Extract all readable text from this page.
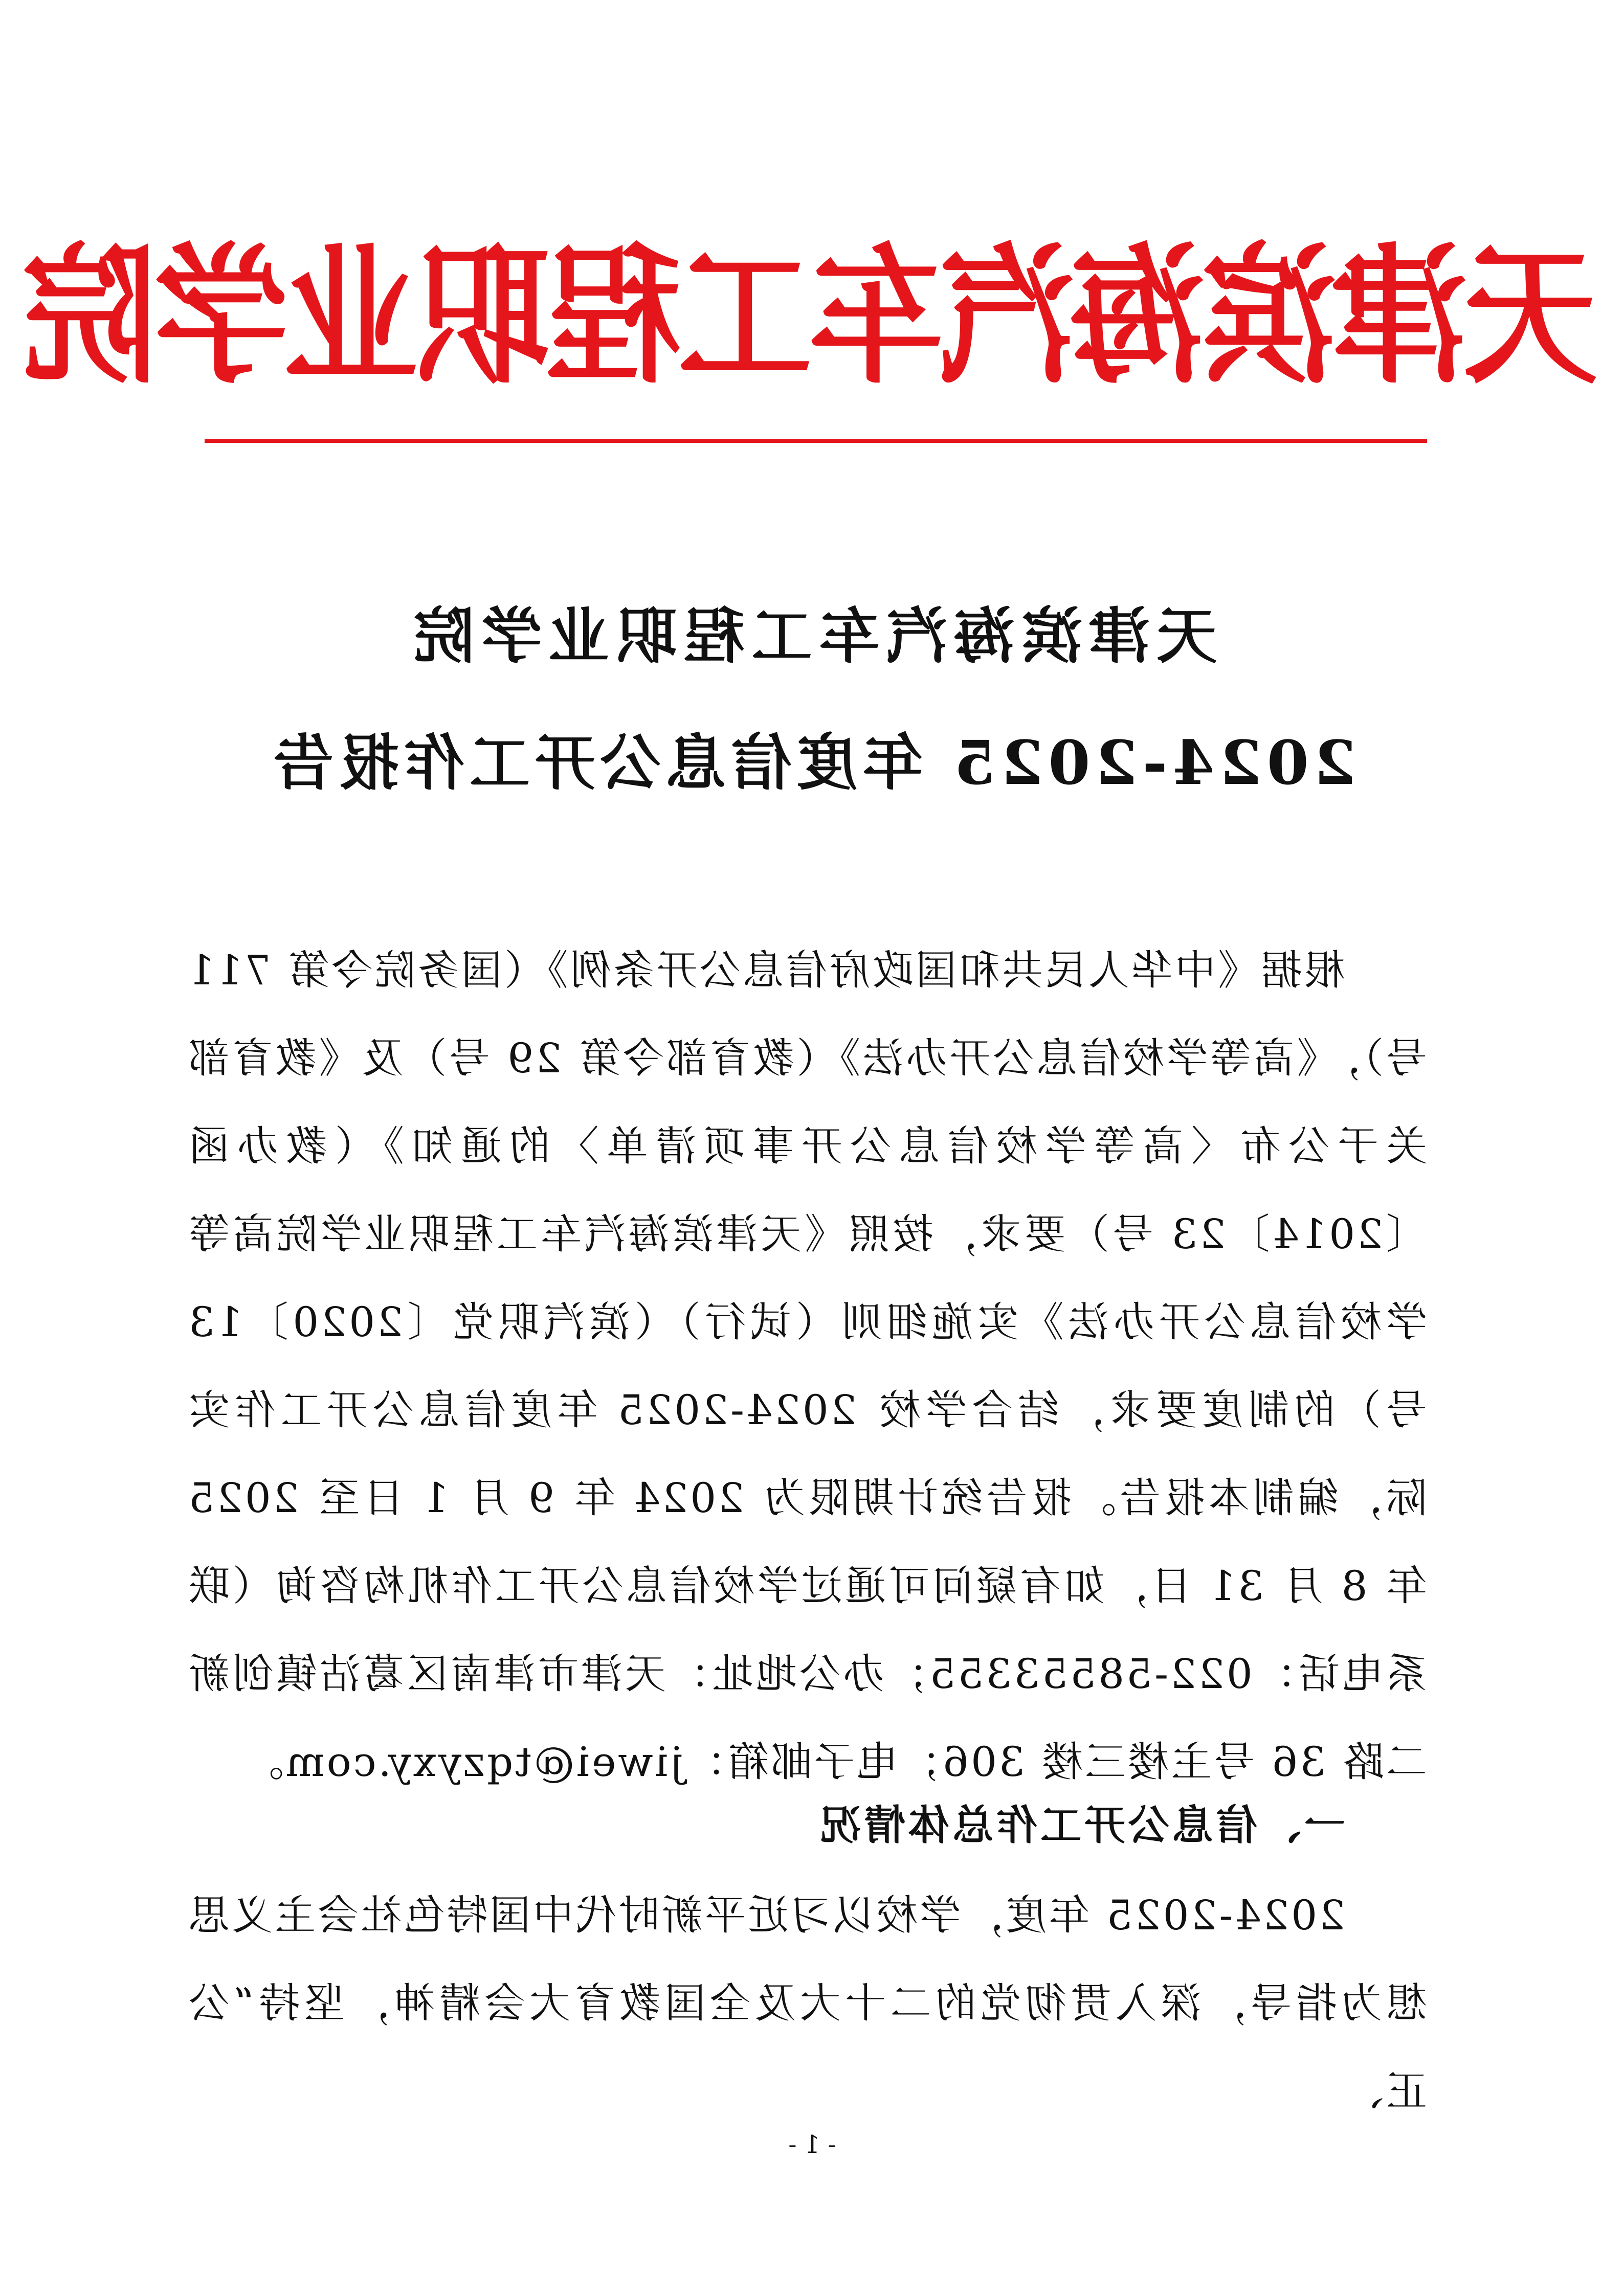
天津滨海汽车工程职业学院
天津滨海汽车工程职业学院
2024-2025 年度信息公开工作报告
根据《中华人民共和国政府信息公开条例》（国务院令第 711 号），《高等学校信息公开办法》（教育部令第 29 号）及《教育部关于公布〈高等学校信息公开事项清单〉的通知》（教办函〔2014〕23 号）要求，按照《天津滨海汽车工程职业学院高等学校信息公开办法》实施细则（试行）（滨汽职党〔2020〕13 号）的制度要求，结合学校 2024-2025 年度信息公开工作实际，编制本报告。报告统计期限为 2024 年 9 月 1 日至 2025 年 8 月 31 日，如有疑问可通过学校信息公开工作机构咨询（联系电话：022-58553355；办公地址：天津市津南区葛沽镇创新二路 36 号主楼三楼 306；电子邮箱：jiwei@tqzyxy.com。
一、信息公开工作总体情况
2024-2025 年度，学校以习近平新时代中国特色社会主义思想为指导，深入贯彻党的二十大及全国教育大会精神，坚持“公正、
- 1 -
